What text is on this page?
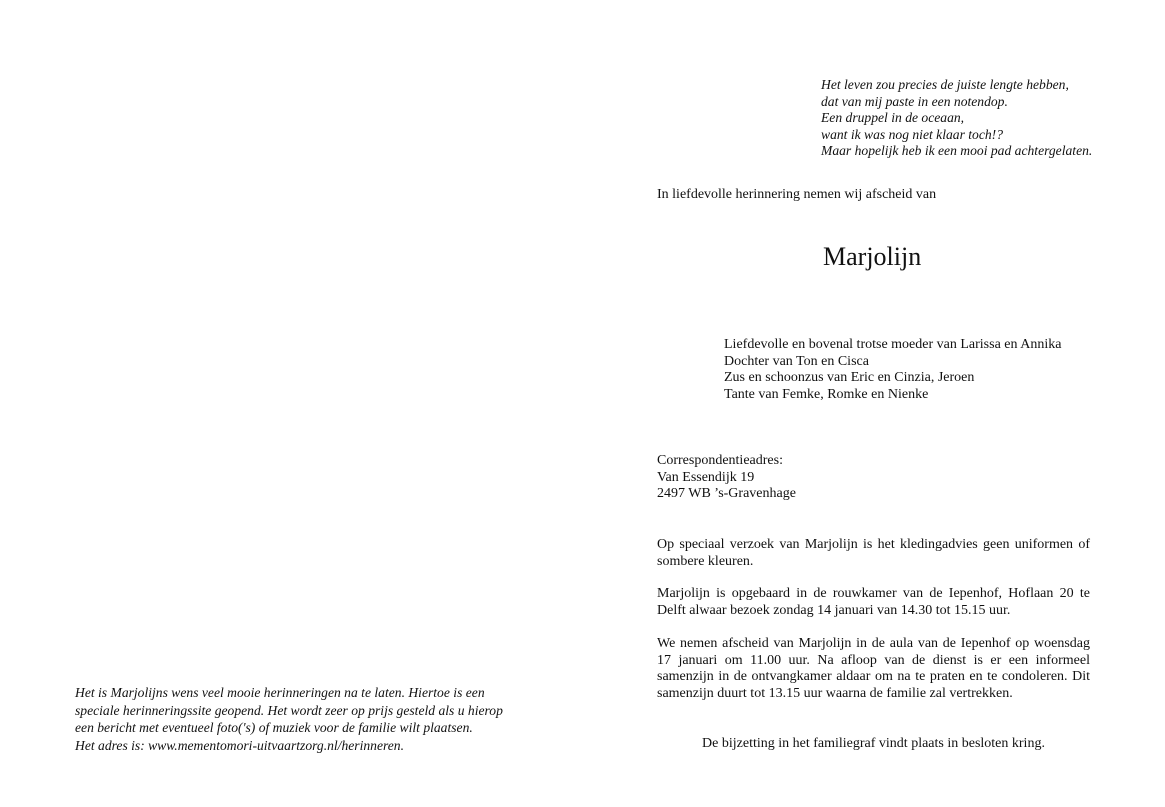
Het is Marjolijns wens veel mooie herinneringen na te laten. Hiertoe is een

speciale herinneringssite geopend. Het wordt zeer op prijs gesteld als u hierop

een bericht met eventueel foto('s) of muziek voor de familie wilt plaatsen.

Het adres is: www.mementomori-uitvaartzorg.nl/herinneren.

Het leven zou precies de juiste lengte hebben,
dat van mij paste in een notendop.
Een druppel in de oceaan,
want ik was nog niet klaar toch!?
Maar hopelijk heb ik een mooi pad achtergelaten.
In liefdevolle herinnering nemen wij afscheid van
Marjolijn
Liefdevolle en bovenal trotse moeder van Larissa en Annika
Dochter van Ton en Cisca
Zus en schoonzus van Eric en Cinzia, Jeroen
Tante van Femke, Romke en Nienke
Correspondentieadres:
Van Essendijk 19
2497 WB ’s-Gravenhage

Op speciaal verzoek van Marjolijn is het kledingadvies geen uniformen of sombere kleuren.

Marjolijn is opgebaard in de rouwkamer van de Iepenhof, Hoflaan 20 te Delft alwaar bezoek zondag 14 januari van 14.30 tot 15.15 uur.

We nemen afscheid van Marjolijn in de aula van de Iepenhof op woensdag 17 januari om 11.00 uur. Na afloop van de dienst is er een informeel samenzijn in de ontvangkamer aldaar om na te praten en te condoleren. Dit samenzijn duurt tot 13.15 uur waarna de familie zal vertrekken.

De bijzetting in het familiegraf vindt plaats in besloten kring.
